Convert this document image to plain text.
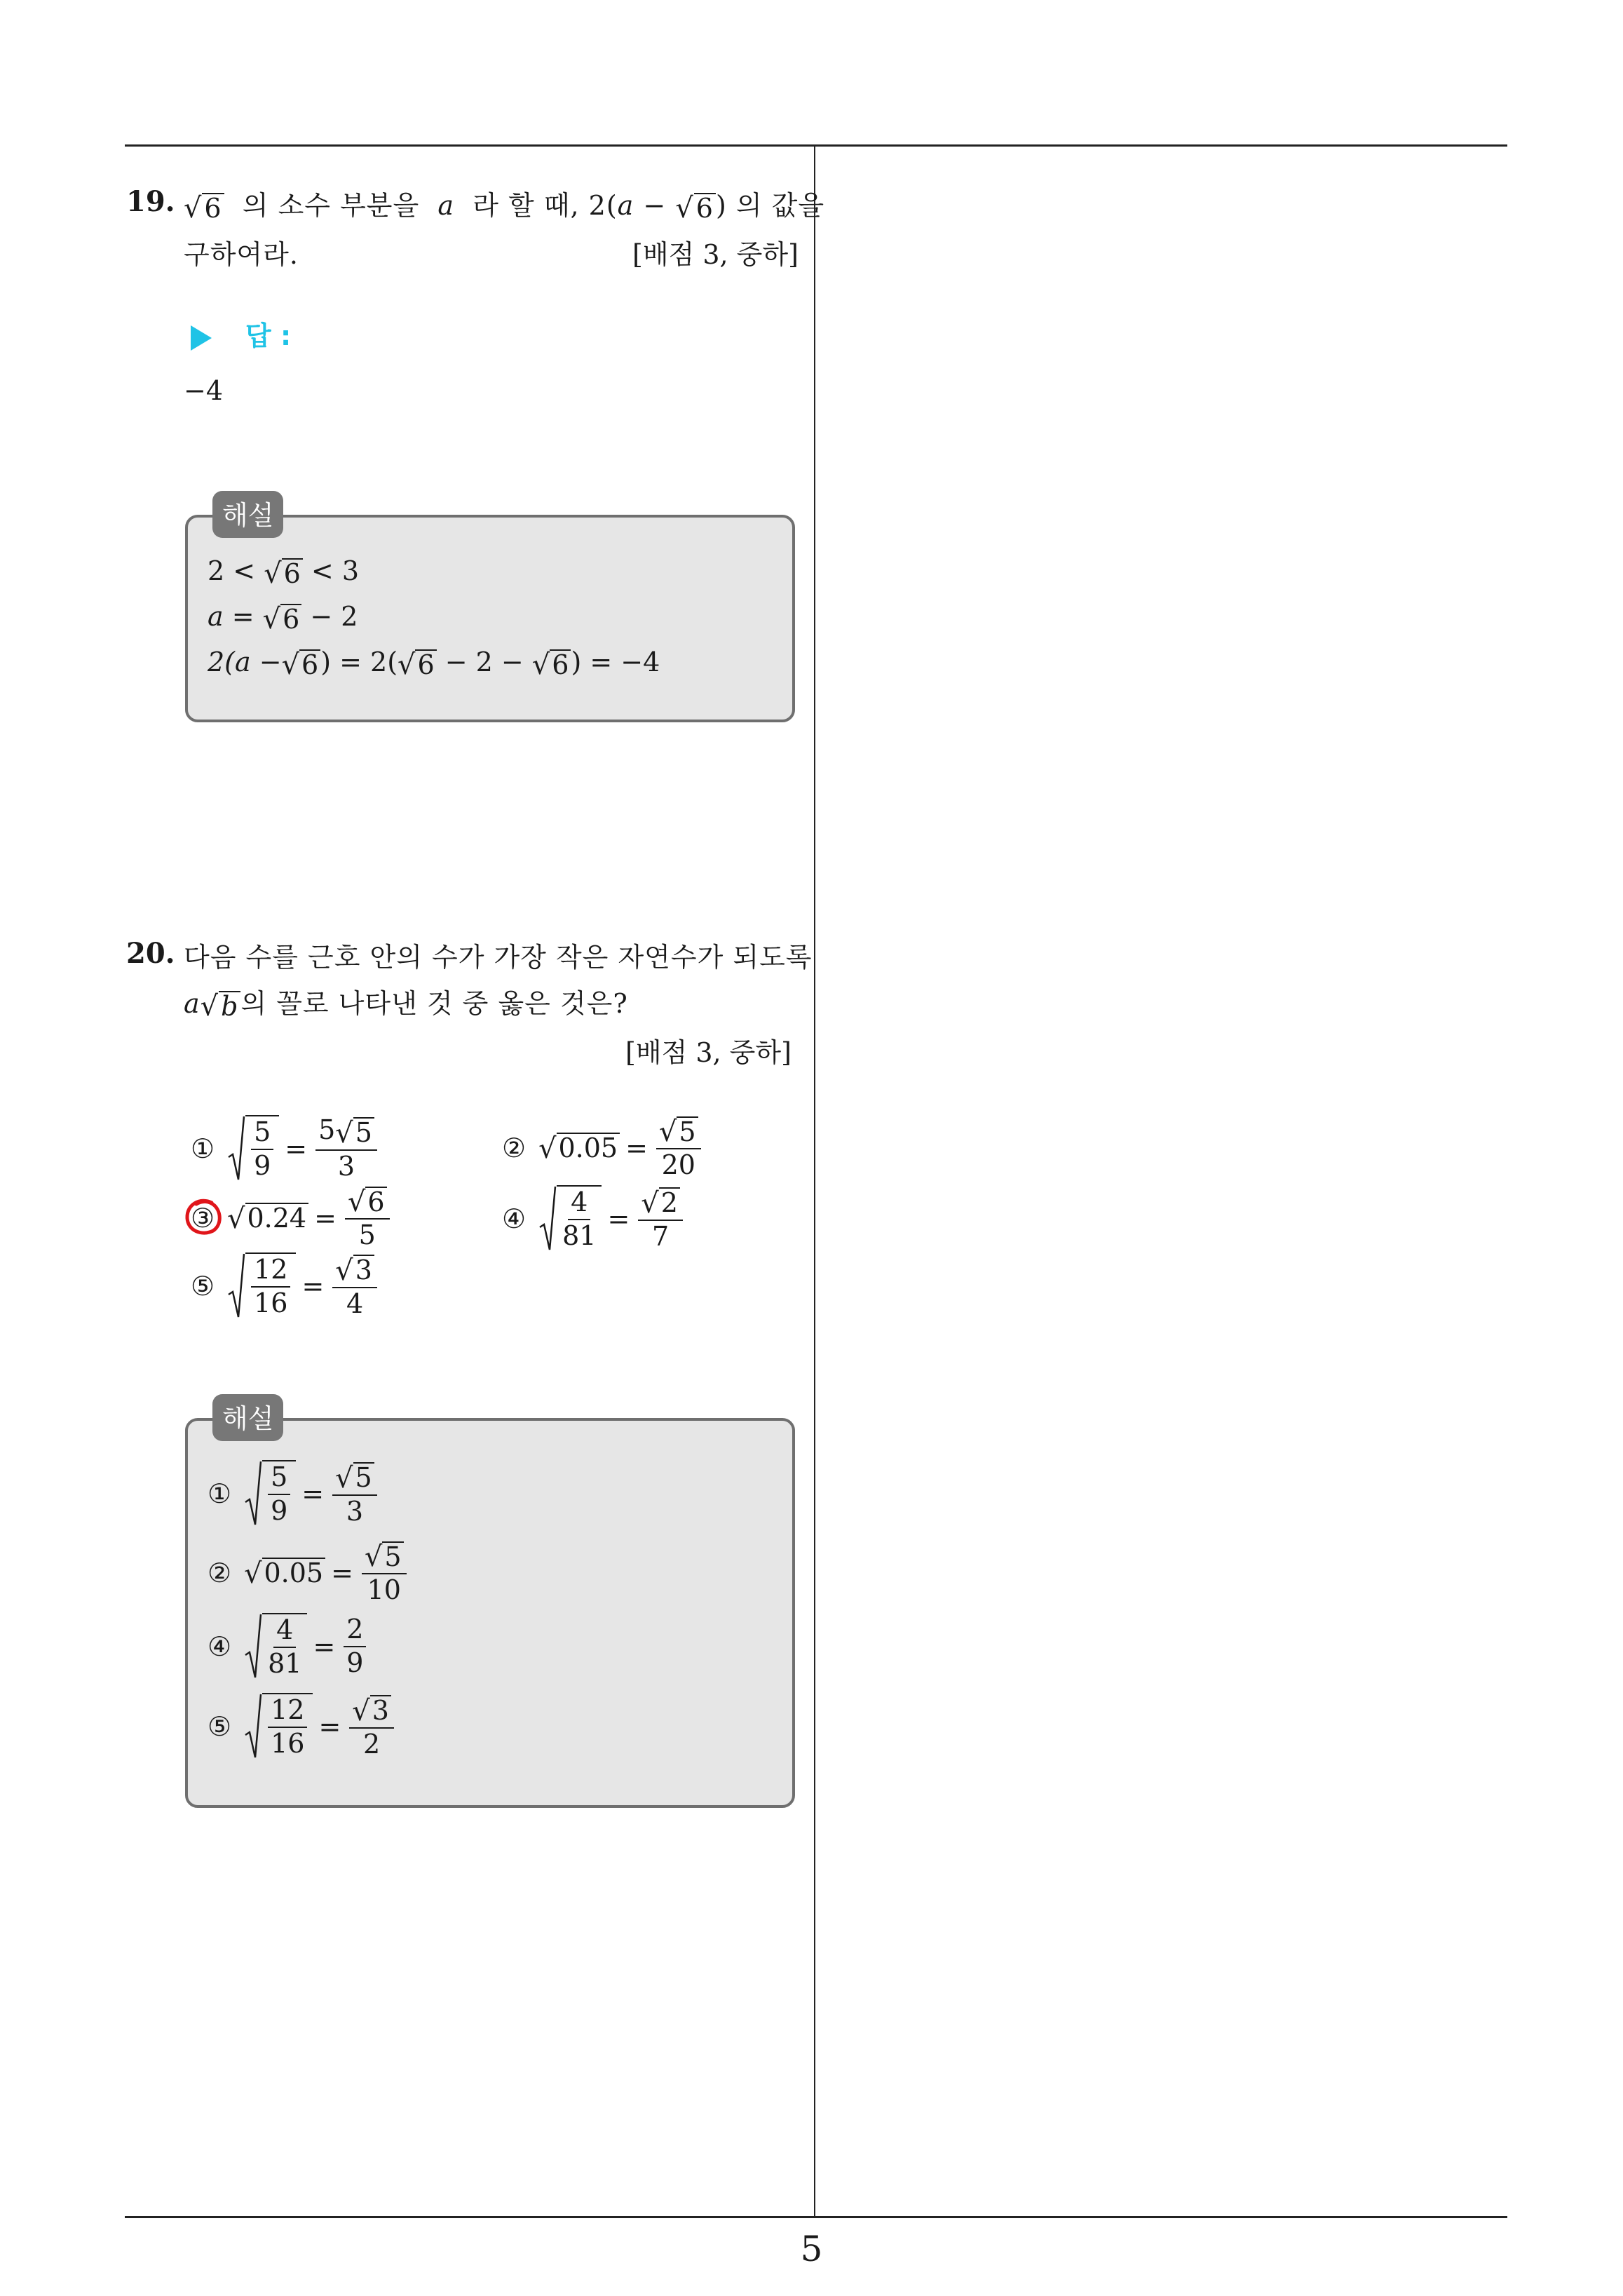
19. √ 6 의 소수 부분을 a 라 할 때, 2(a − √ 6 ) 의 값을
구하여라.	[배점 3, 중하]
답 :
−4
해설
2 < √ 6 < 3
a = √ 6 − 2
2(a − √ 6 ) = 2( √ 6 − 2 − √ 6 ) = −4
20. 다음 수를 근호 안의 수가 가장 작은 자연수가 되도록
a √ b 의 꼴로 나타낸 것 중 옳은 것은?
[배점 3, 중하]
① $\frac{5}{9} = \frac{5 √ 5}{3}$	② √ $0.05 = \frac{√ 5}{20}$
③ √ $0.24 = \frac{√ 6}{5}$	④ $\frac{4}{81} = \frac{√ 2}{7}$
⑤ $\frac{12}{16} = \frac{√ 3}{4}$
해설
① $\frac{5}{9} = \frac{√ 5}{3}$
② √ $0.05 = \frac{√ 5}{10}$
④ $\frac{4}{81} = \frac{2}{9}$
⑤ $\frac{12}{16} = \frac{√ 3}{2}$
5
